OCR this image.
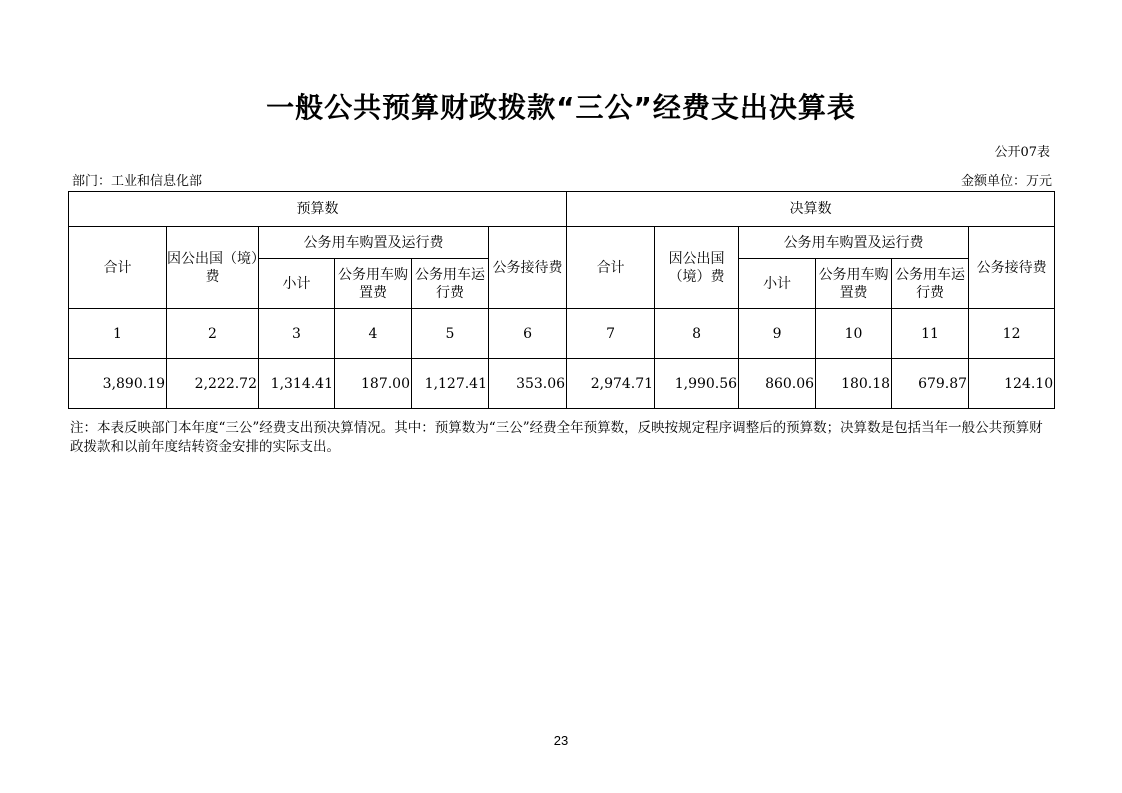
一般公共预算财政拨款“三公”经费支出决算表
公开07表
部门：工业和信息化部	金额单位：万元
预算数						决算数					
合计	因公出国（境）费	公务用车购置及运行费			公务接待费	合计	因公出国（境）费	公务用车购置及运行费			公务接待费
		小计	公务用车购置费	公务用车运行费				小计	公务用车购置费	公务用车运行费	
1	2	3	4	5	6	7	8	9	10	11	12
3,890.19	2,222.72	1,314.41	187.00	1,127.41	353.06	2,974.71	1,990.56	860.06	180.18	679.87	124.10
注：本表反映部门本年度“三公”经费支出预决算情况。其中：预算数为“三公”经费全年预算数，反映按规定程序调整后的预算数；决算数是包括当年一般公共预算财政拨款和以前年度结转资金安排的实际支出。
23
